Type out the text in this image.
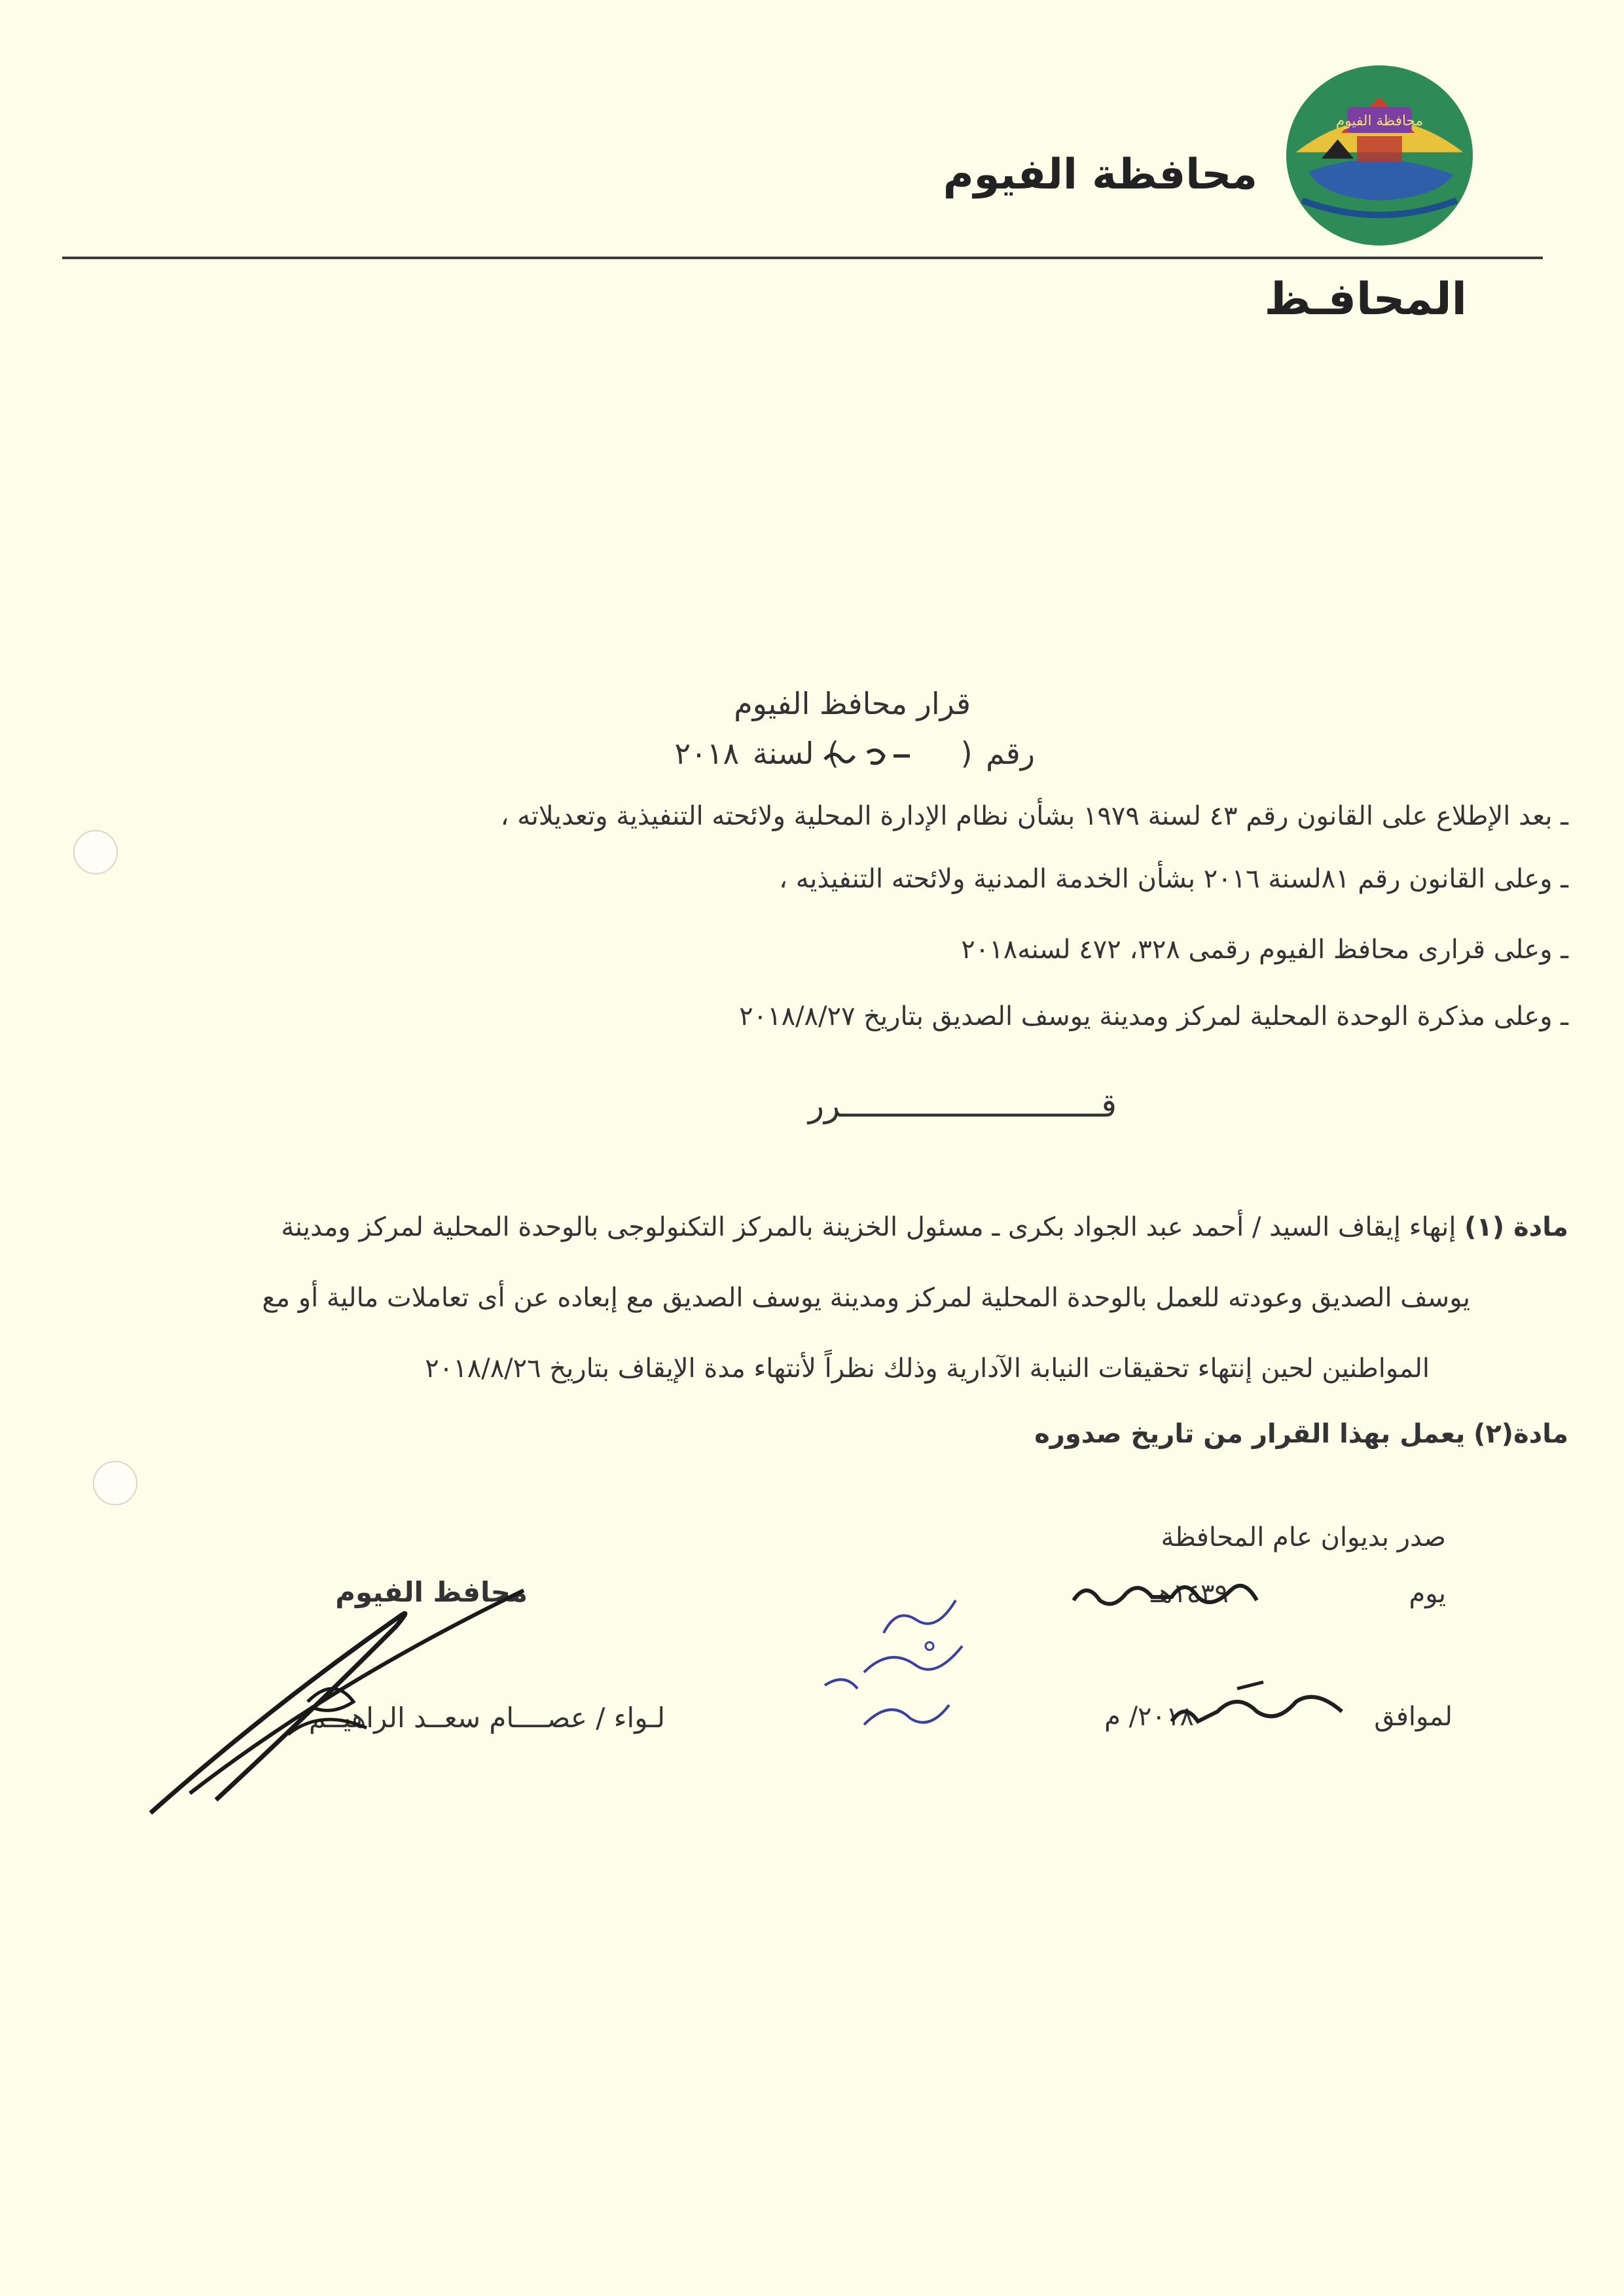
محافظة الفيوم
محافظة الفيوم
المحافـظ
قرار محافظ الفيوم
رقم (         ) لسنة ٢٠١٨
ـ بعد الإطلاع على القانون رقم ٤٣ لسنة ١٩٧٩ بشأن نظام الإدارة المحلية ولائحته التنفيذية وتعديلاته ،
ـ وعلى القانون رقم ٨١لسنة ٢٠١٦ بشأن الخدمة المدنية ولائحته التنفيذيه ،
ـ وعلى قرارى محافظ الفيوم رقمى ٣٢٨، ٤٧٢ لسنه٢٠١٨
ـ وعلى مذكرة الوحدة المحلية لمركز ومدينة يوسف الصديق بتاريخ ٢٠١٨/٨/٢٧
قـــــــــــــــــــــــــــرر
مادة (١) إنهاء إيقاف السيد / أحمد عبد الجواد بكرى ـ مسئول الخزينة بالمركز التكنولوجى بالوحدة المحلية لمركز ومدينة
يوسف الصديق وعودته للعمل بالوحدة المحلية لمركز ومدينة يوسف الصديق مع إبعاده عن أى تعاملات مالية أو مع
المواطنين لحين إنتهاء تحقيقات النيابة الآدارية وذلك نظراً لأنتهاء مدة الإيقاف بتاريخ ٢٠١٨/٨/٢٦
مادة(٢) يعمل بهذا القرار من تاريخ صدوره
صدر بديوان عام المحافظة
يوم  ١٤٣٩هـ
لموافق  ٢٠١٨/ م
محافظ الفيوم
لـواء / عصــــام سعــد الراهيــم
